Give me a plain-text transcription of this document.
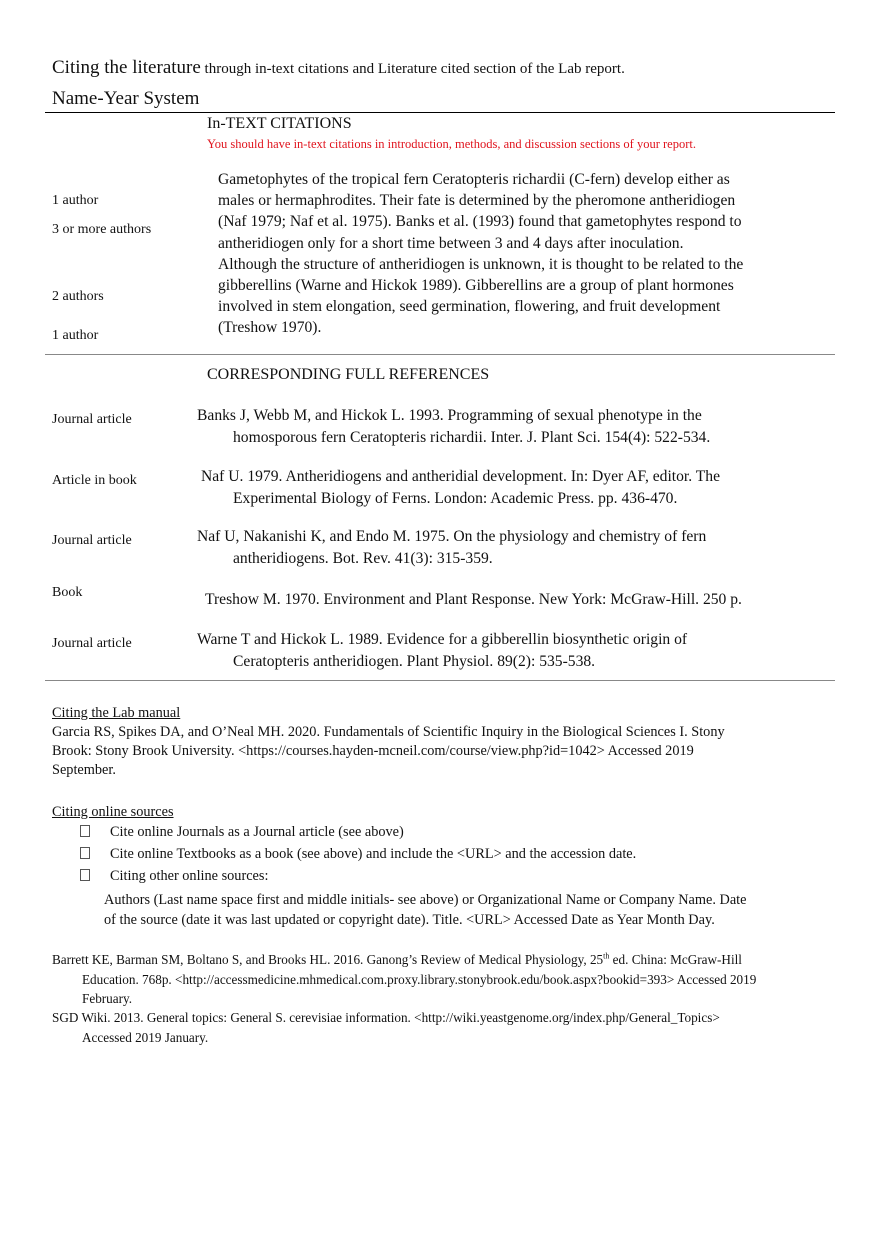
Citing the literature through in-text citations and Literature cited section of the Lab report.
Name-Year System
In-TEXT CITATIONS
You should have in-text citations in introduction, methods, and discussion sections of your report.
1 author
3 or more authors
2 authors
1 author

Gametophytes of the tropical fern Ceratopteris richardii (C-fern) develop either as

males or hermaphrodites. Their fate is determined by the pheromone antheridiogen

(Naf 1979; Naf et al. 1975). Banks et al. (1993) found that gametophytes respond to

antheridiogen only for a short time between 3 and 4 days after inoculation.

Although the structure of antheridiogen is unknown, it is thought to be related to the

gibberellins (Warne and Hickok 1989). Gibberellins are a group of plant hormones

involved in stem elongation, seed germination, flowering, and fruit development

(Treshow 1970).

CORRESPONDING FULL REFERENCES
Journal article	Banks J, Webb M, and Hickok L. 1993. Programming of sexual phenotype in the

homosporous fern Ceratopteris richardii. Inter. J. Plant Sci. 154(4): 522-534.

Article in book	Naf U. 1979. Antheridiogens and antheridial development. In: Dyer AF, editor. The

Experimental Biology of Ferns. London: Academic Press. pp. 436-470.

Journal article	Naf U, Nakanishi K, and Endo M. 1975. On the physiology and chemistry of fern

antheridiogens. Bot. Rev. 41(3): 315-359.

Book	Treshow M. 1970. Environment and Plant Response. New York: McGraw-Hill. 250 p.

Journal article	Warne T and Hickok L. 1989. Evidence for a gibberellin biosynthetic origin of

Ceratopteris antheridiogen. Plant Physiol. 89(2): 535-538.

Citing the Lab manual
Garcia RS, Spikes DA, and O’Neal MH. 2020. Fundamentals of Scientific Inquiry in the Biological Sciences I. Stony
Brook: Stony Brook University. <https://courses.hayden-mcneil.com/course/view.php?id=1042> Accessed 2019
September.
Citing online sources
Cite online Journals as a Journal article (see above)
Cite online Textbooks as a book (see above) and include the <URL> and the accession date.
Citing other online sources:
Authors (Last name space first and middle initials- see above) or Organizational Name or Company Name. Date
of the source (date it was last updated or copyright date). Title. <URL> Accessed Date as Year Month Day.
Barrett KE, Barman SM, Boltano S, and Brooks HL. 2016. Ganong’s Review of Medical Physiology, 25th ed. China: McGraw-Hill
Education. 768p. <http://accessmedicine.mhmedical.com.proxy.library.stonybrook.edu/book.aspx?bookid=393> Accessed 2019
February.
SGD Wiki. 2013. General topics: General S. cerevisiae information. <http://wiki.yeastgenome.org/index.php/General_Topics>
Accessed 2019 January.
